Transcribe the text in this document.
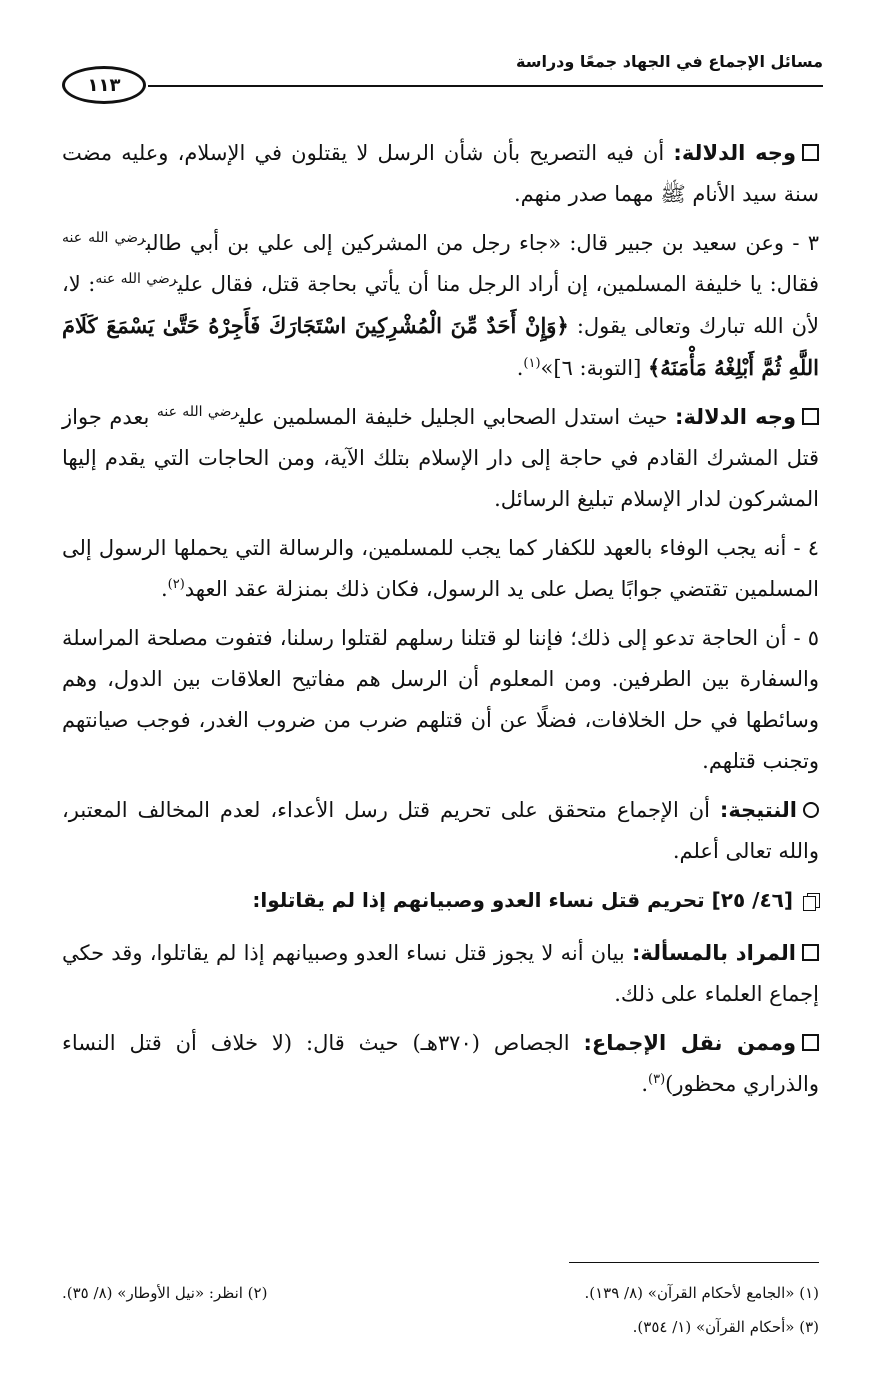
مسائل الإجماع في الجهاد جمعًا ودراسة
١١٣

وجه الدلالة: أن فيه التصريح بأن شأن الرسل لا يقتلون في الإسلام، وعليه مضت سنة سيد الأنام ﷺ مهما صدر منهم.

٣ - وعن سعيد بن جبير قال: «جاء رجل من المشركين إلى علي بن أبي طالب$^{رضي الله عنه}$ فقال: يا خليفة المسلمين، إن أراد الرجل منا أن يأتي بحاجة قتل، فقال علي$^{رضي الله عنه}$: لا، لأن الله تبارك وتعالى يقول: ﴿وَإِنْ أَحَدٌ مِّنَ الْمُشْرِكِينَ اسْتَجَارَكَ فَأَجِرْهُ حَتَّىٰ يَسْمَعَ كَلَامَ اللَّهِ ثُمَّ أَبْلِغْهُ مَأْمَنَهُ﴾ [التوبة: ٦]»$^{(١)}$.

وجه الدلالة: حيث استدل الصحابي الجليل خليفة المسلمين علي$^{رضي الله عنه}$ بعدم جواز قتل المشرك القادم في حاجة إلى دار الإسلام بتلك الآية، ومن الحاجات التي يقدم إليها المشركون لدار الإسلام تبليغ الرسائل.

٤ - أنه يجب الوفاء بالعهد للكفار كما يجب للمسلمين، والرسالة التي يحملها الرسول إلى المسلمين تقتضي جوابًا يصل على يد الرسول، فكان ذلك بمنزلة عقد العهد$^{(٢)}$.

٥ - أن الحاجة تدعو إلى ذلك؛ فإننا لو قتلنا رسلهم لقتلوا رسلنا، فتفوت مصلحة المراسلة والسفارة بين الطرفين. ومن المعلوم أن الرسل هم مفاتيح العلاقات بين الدول، وهم وسائطها في حل الخلافات، فضلًا عن أن قتلهم ضرب من ضروب الغدر، فوجب صيانتهم وتجنب قتلهم.

النتيجة: أن الإجماع متحقق على تحريم قتل رسل الأعداء، لعدم المخالف المعتبر، والله تعالى أعلم.

[٤٦/ ٢٥] تحريم قتل نساء العدو وصبيانهم إذا لم يقاتلوا:

المراد بالمسألة: بيان أنه لا يجوز قتل نساء العدو وصبيانهم إذا لم يقاتلوا، وقد حكي إجماع العلماء على ذلك.

وممن نقل الإجماع: الجصاص (٣٧٠هـ) حيث قال: (لا خلاف أن قتل النساء والذراري محظور)$^{(٣)}$.

(١) «الجامع لأحكام القرآن» (٨/ ١٣٩).
(٢) انظر: «نيل الأوطار» (٨/ ٣٥).
(٣) «أحكام القرآن» (١/ ٣٥٤).
